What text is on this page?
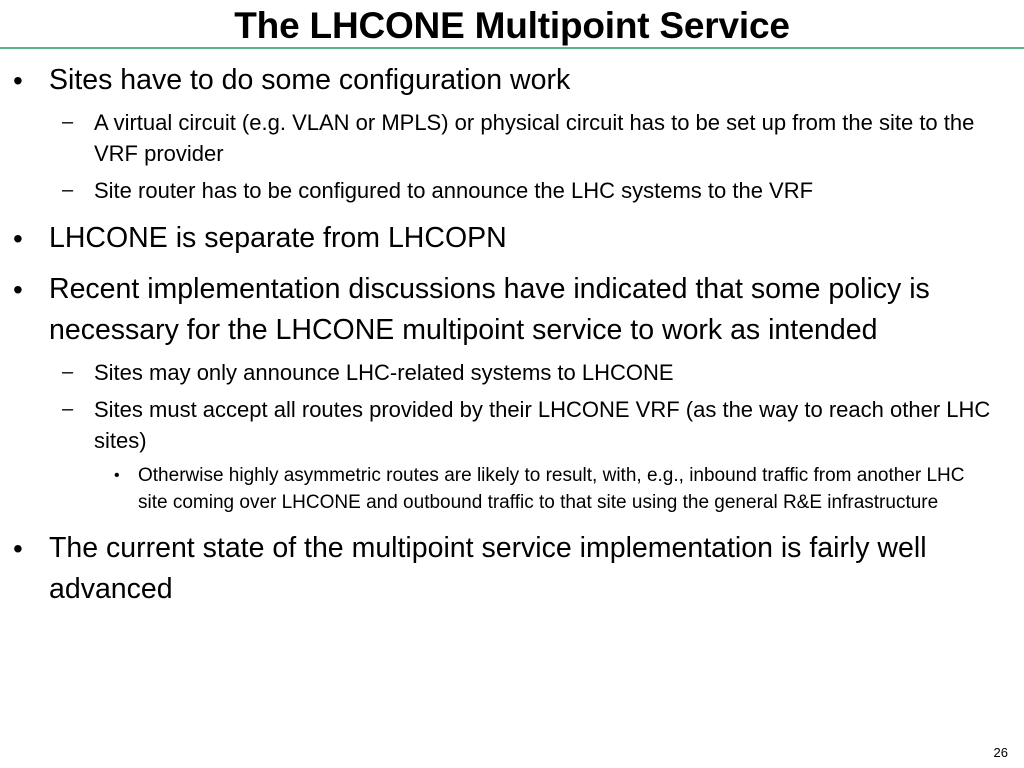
The LHCONE Multipoint Service
• Sites have to do some configuration work
– A virtual circuit (e.g. VLAN or MPLS) or physical circuit has to be set up from the site to the VRF provider
– Site router has to be configured to announce the LHC systems to the VRF
• LHCONE is separate from LHCOPN
• Recent implementation discussions have indicated that some policy is necessary for the LHCONE multipoint service to work as intended
– Sites may only announce LHC-related systems to LHCONE
– Sites must accept all routes provided by their LHCONE VRF (as the way to reach other LHC sites)
• Otherwise highly asymmetric routes are likely to result, with, e.g., inbound traffic from another LHC site coming over LHCONE and outbound traffic to that site using the general R&E infrastructure
• The current state of the multipoint service implementation is fairly well advanced
26
